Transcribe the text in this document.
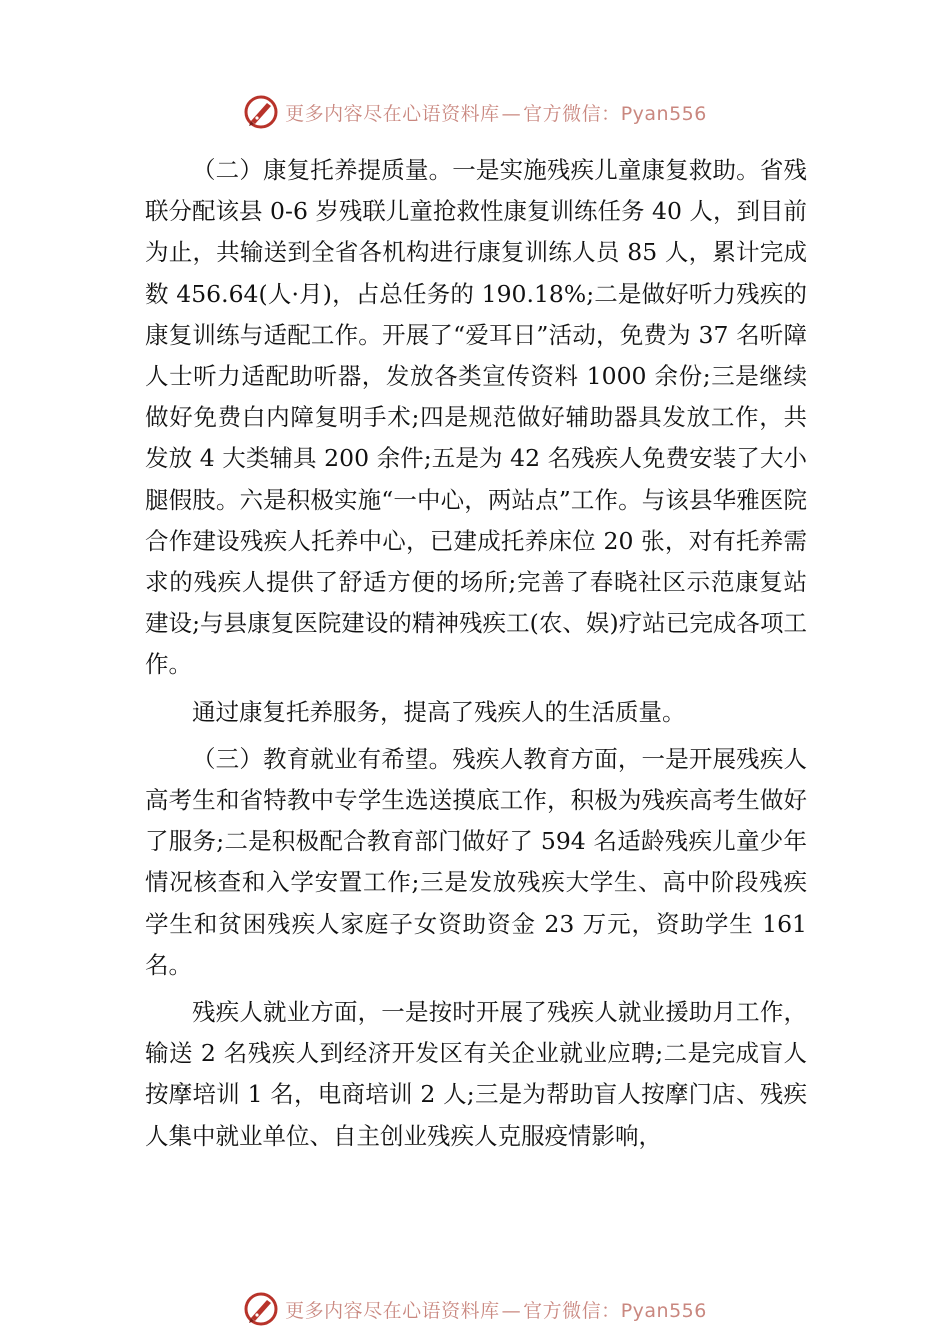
更多内容尽在心语资料库 — 官方微信：Pyan556

（二）康复托养提质量。一是实施残疾儿童康复救助。省残联分配该县 0-6 岁残联儿童抢救性康复训练任务 40 人，到目前为止，共输送到全省各机构进行康复训练人员 85 人，累计完成数 456.64(人·月)，占总任务的 190.18%;二是做好听力残疾的康复训练与适配工作。开展了“爱耳日”活动，免费为 37 名听障人士听力适配助听器，发放各类宣传资料 1000 余份;三是继续做好免费白内障复明手术;四是规范做好辅助器具发放工作，共发放 4 大类辅具 200 余件;五是为 42 名残疾人免费安装了大小腿假肢。六是积极实施“一中心，两站点”工作。与该县华雅医院合作建设残疾人托养中心，已建成托养床位 20 张，对有托养需求的残疾人提供了舒适方便的场所;完善了春晓社区示范康复站建设;与县康复医院建设的精神残疾工(农、娱)疗站已完成各项工作。

通过康复托养服务，提高了残疾人的生活质量。

（三）教育就业有希望。残疾人教育方面，一是开展残疾人高考生和省特教中专学生选送摸底工作，积极为残疾高考生做好了服务;二是积极配合教育部门做好了 594 名适龄残疾儿童少年情况核查和入学安置工作;三是发放残疾大学生、高中阶段残疾学生和贫困残疾人家庭子女资助资金 23 万元，资助学生 161 名。

残疾人就业方面，一是按时开展了残疾人就业援助月工作，输送 2 名残疾人到经济开发区有关企业就业应聘;二是完成盲人按摩培训 1 名，电商培训 2 人;三是为帮助盲人按摩门店、残疾人集中就业单位、自主创业残疾人克服疫情影响，

更多内容尽在心语资料库 — 官方微信：Pyan556
